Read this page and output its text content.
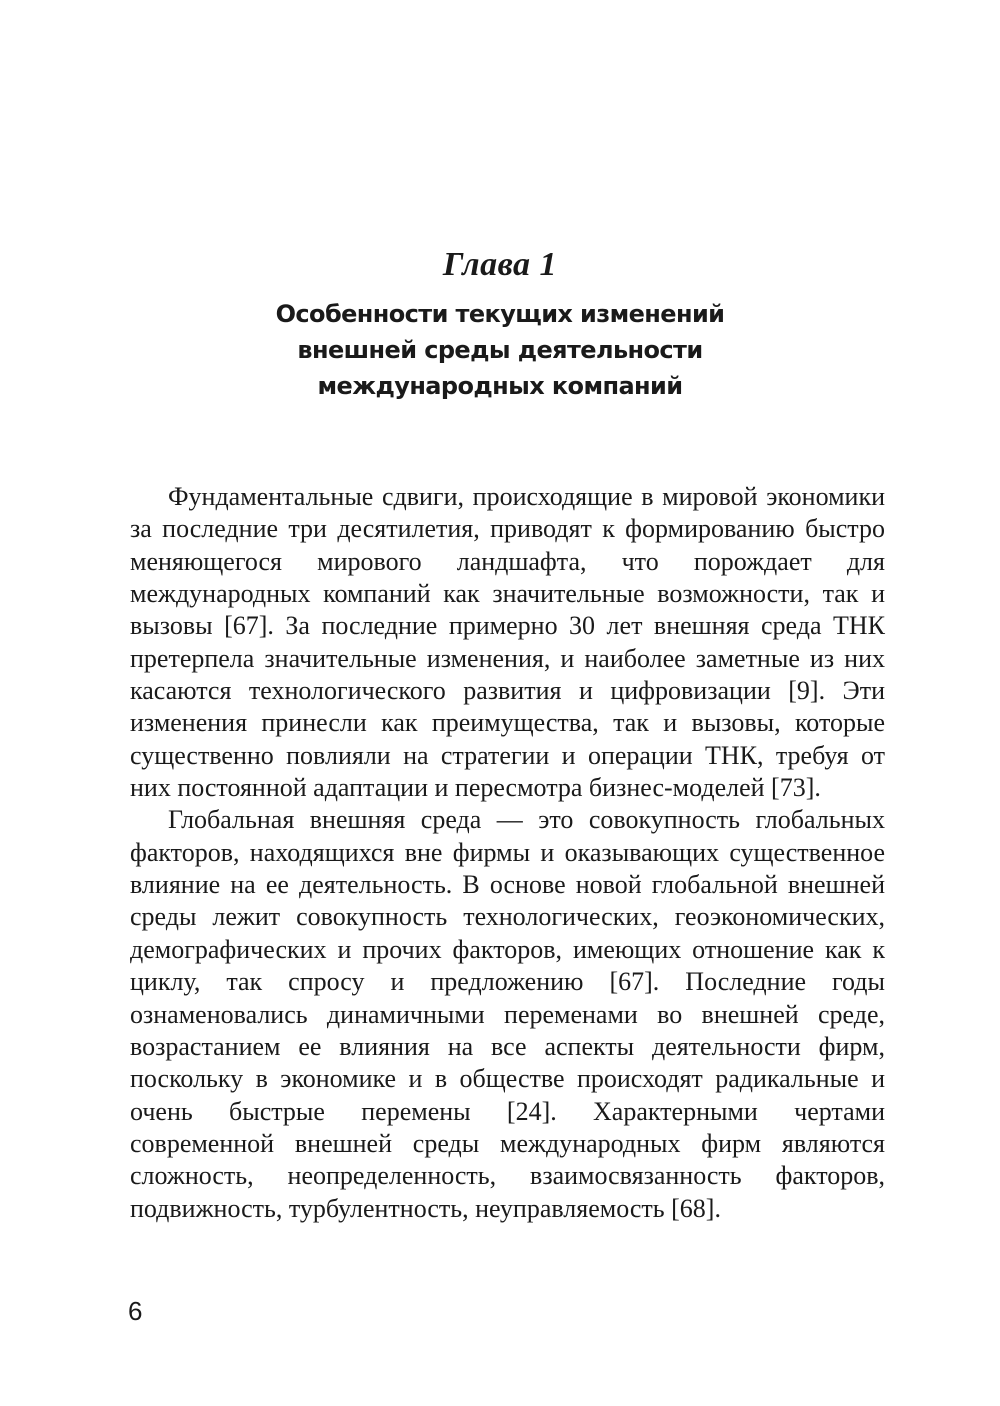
Глава 1
Особенности текущих изменений
внешней среды деятельности
международных компаний

Фундаментальные сдвиги, происходящие в мировой экономики за последние три десятилетия, приводят к формированию быстро меняющегося мирового ландшафта, что порождает для международных компаний как значительные возможности, так и вызовы [67]. За последние примерно 30 лет внешняя среда ТНК претерпела значительные изменения, и наиболее заметные из них касаются технологического развития и цифровизации [9]. Эти изменения принесли как преимущества, так и вызовы, которые существенно повлияли на стратегии и операции ТНК, требуя от них постоянной адаптации и пересмотра бизнес-моделей [73].

Глобальная внешняя среда — это совокупность глобальных факторов, находящихся вне фирмы и оказывающих существенное влияние на ее деятельность. В основе новой глобальной внешней среды лежит совокупность технологических, геоэкономических, демографических и прочих факторов, имеющих отношение как к циклу, так спросу и предложению [67]. Последние годы ознаменовались динамичными переменами во внешней среде, возрастанием ее влияния на все аспекты деятельности фирм, поскольку в экономике и в обществе происходят радикальные и очень быстрые перемены [24]. Характерными чертами современной внешней среды международных фирм являются сложность, неопределенность, взаимосвязанность факторов, подвижность, турбулентность, неуправляемость [68].

6
